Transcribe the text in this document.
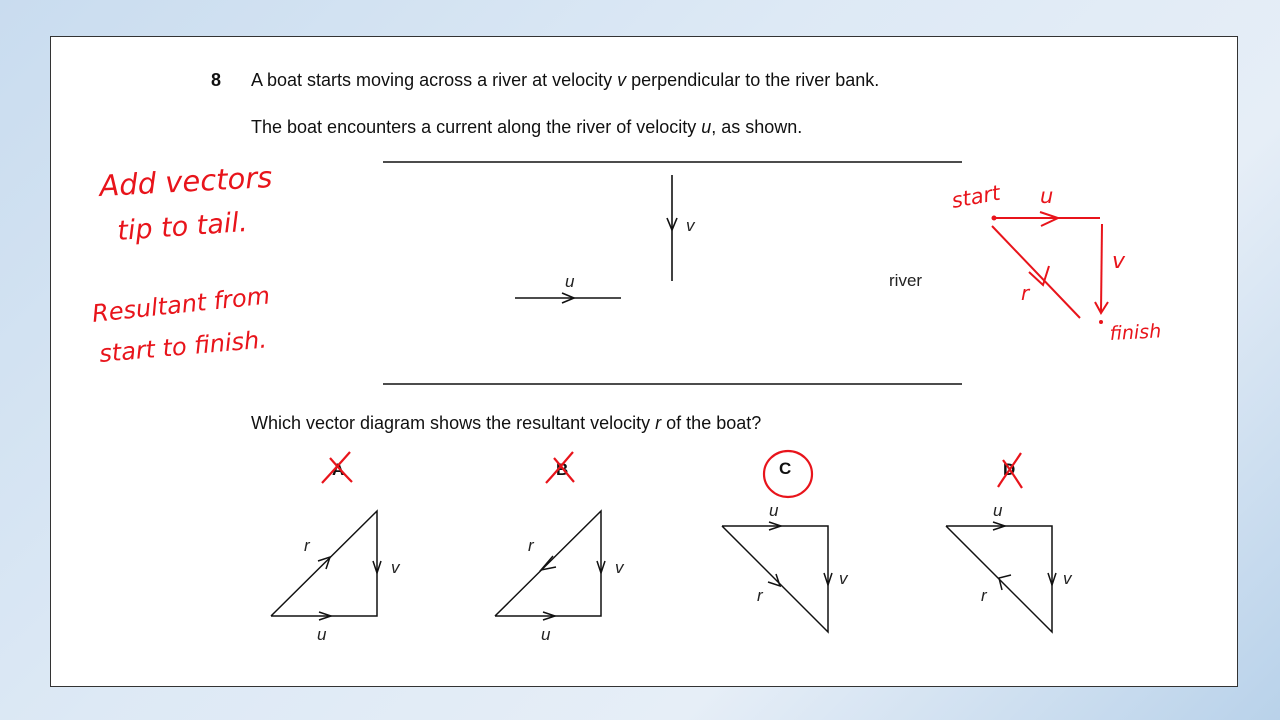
8 A boat starts moving across a river at velocity v perpendicular to the river bank.
The boat encounters a current along the river of velocity u, as shown.
Which vector diagram shows the resultant velocity r of the boat?
v
u	river
A
r
v
u
B
r
v
u
C
u
v
r
D
u
v
r
Add vectors
tip to tail.
Resultant from
start to finish.
start u
v
r
finish
